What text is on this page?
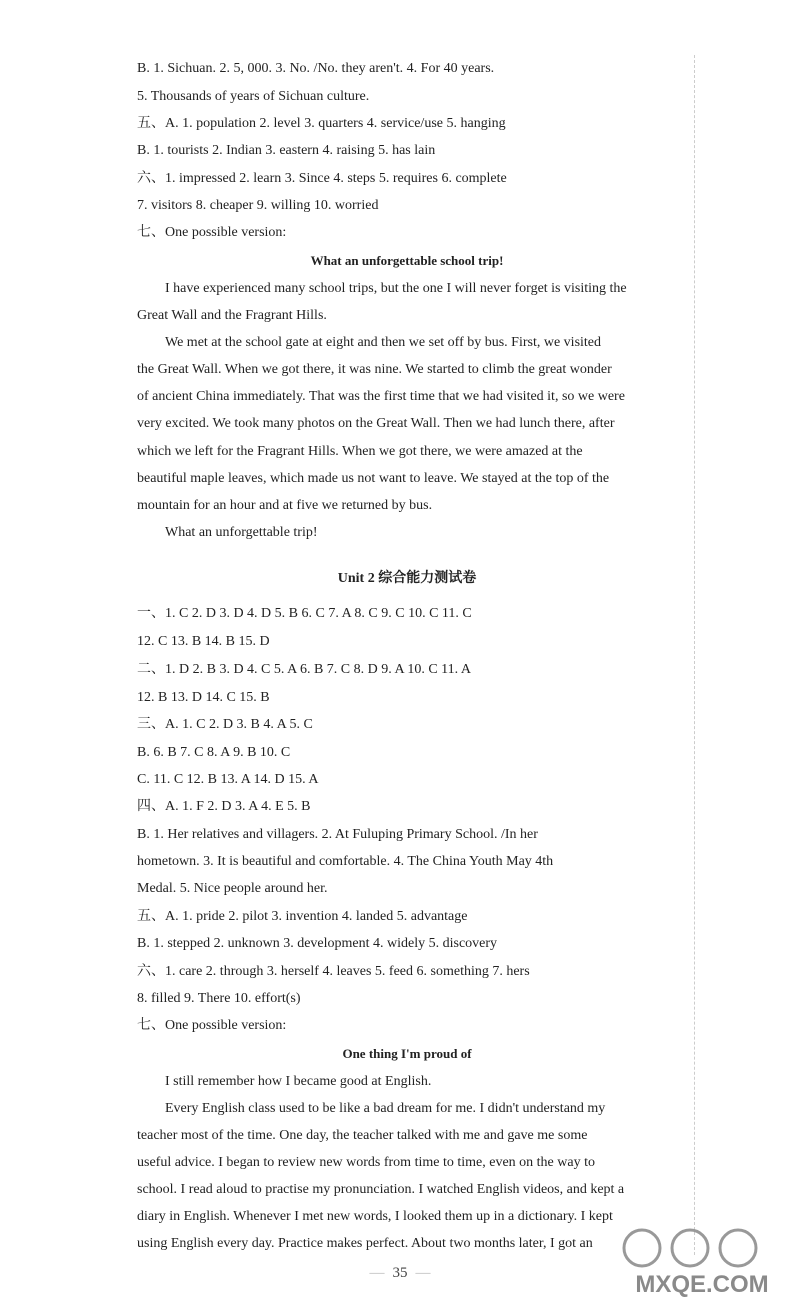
B. 1. Sichuan. 2. 5, 000. 3. No. /No. they aren't. 4. For 40 years.
5. Thousands of years of Sichuan culture.
五、A. 1. population 2. level 3. quarters 4. service/use 5. hanging
B. 1. tourists 2. Indian 3. eastern 4. raising 5. has lain
六、1. impressed 2. learn 3. Since 4. steps 5. requires 6. complete
7. visitors 8. cheaper 9. willing 10. worried
七、One possible version:
What an unforgettable school trip!
I have experienced many school trips, but the one I will never forget is visiting the
Great Wall and the Fragrant Hills.
We met at the school gate at eight and then we set off by bus. First, we visited
the Great Wall. When we got there, it was nine. We started to climb the great wonder
of ancient China immediately. That was the first time that we had visited it, so we were
very excited. We took many photos on the Great Wall. Then we had lunch there, after
which we left for the Fragrant Hills. When we got there, we were amazed at the
beautiful maple leaves, which made us not want to leave. We stayed at the top of the
mountain for an hour and at five we returned by bus.
What an unforgettable trip!
Unit 2 综合能力测试卷
一、1. C 2. D 3. D 4. D 5. B 6. C 7. A 8. C 9. C 10. C 11. C
12. C 13. B 14. B 15. D
二、1. D 2. B 3. D 4. C 5. A 6. B 7. C 8. D 9. A 10. C 11. A
12. B 13. D 14. C 15. B
三、A. 1. C 2. D 3. B 4. A 5. C
B. 6. B 7. C 8. A 9. B 10. C
C. 11. C 12. B 13. A 14. D 15. A
四、A. 1. F 2. D 3. A 4. E 5. B
B. 1. Her relatives and villagers. 2. At Fuluping Primary School. /In her
hometown. 3. It is beautiful and comfortable. 4. The China Youth May 4th
Medal. 5. Nice people around her.
五、A. 1. pride 2. pilot 3. invention 4. landed 5. advantage
B. 1. stepped 2. unknown 3. development 4. widely 5. discovery
六、1. care 2. through 3. herself 4. leaves 5. feed 6. something 7. hers
8. filled 9. There 10. effort(s)
七、One possible version:
One thing I'm proud of
I still remember how I became good at English.
Every English class used to be like a bad dream for me. I didn't understand my
teacher most of the time. One day, the teacher talked with me and gave me some
useful advice. I began to review new words from time to time, even on the way to
school. I read aloud to practise my pronunciation. I watched English videos, and kept a
diary in English. Whenever I met new words, I looked them up in a dictionary. I kept
using English every day. Practice makes perfect. About two months later, I got an
— 35 —	MXQE.COM
